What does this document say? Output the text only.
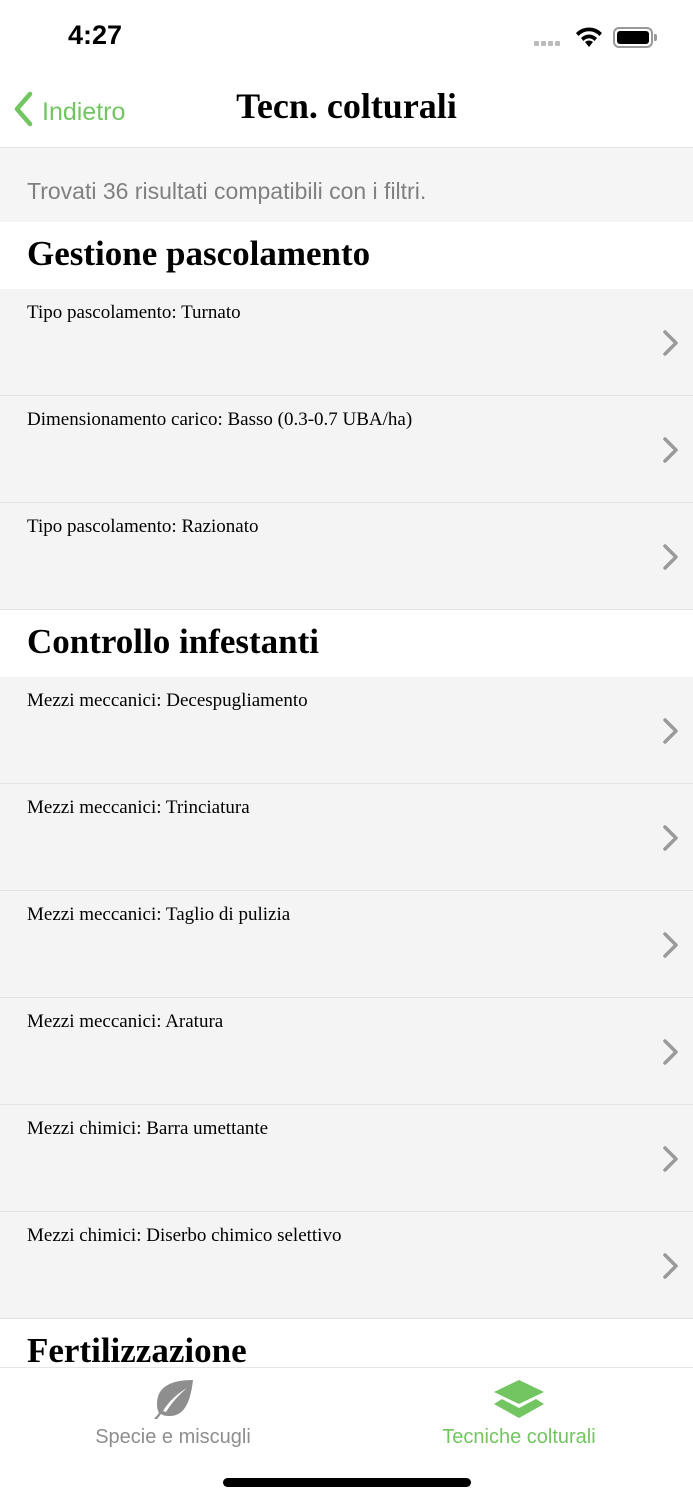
4:27
Indietro	Tecn. colturali
Trovati 36 risultati compatibili con i filtri.
Gestione pascolamento
Tipo pascolamento: Turnato
Dimensionamento carico: Basso (0.3-0.7 UBA/ha)
Tipo pascolamento: Razionato
Controllo infestanti
Mezzi meccanici: Decespugliamento
Mezzi meccanici: Trinciatura
Mezzi meccanici: Taglio di pulizia
Mezzi meccanici: Aratura
Mezzi chimici: Barra umettante
Mezzi chimici: Diserbo chimico selettivo
Fertilizzazione
Specie e miscugli	Tecniche colturali
